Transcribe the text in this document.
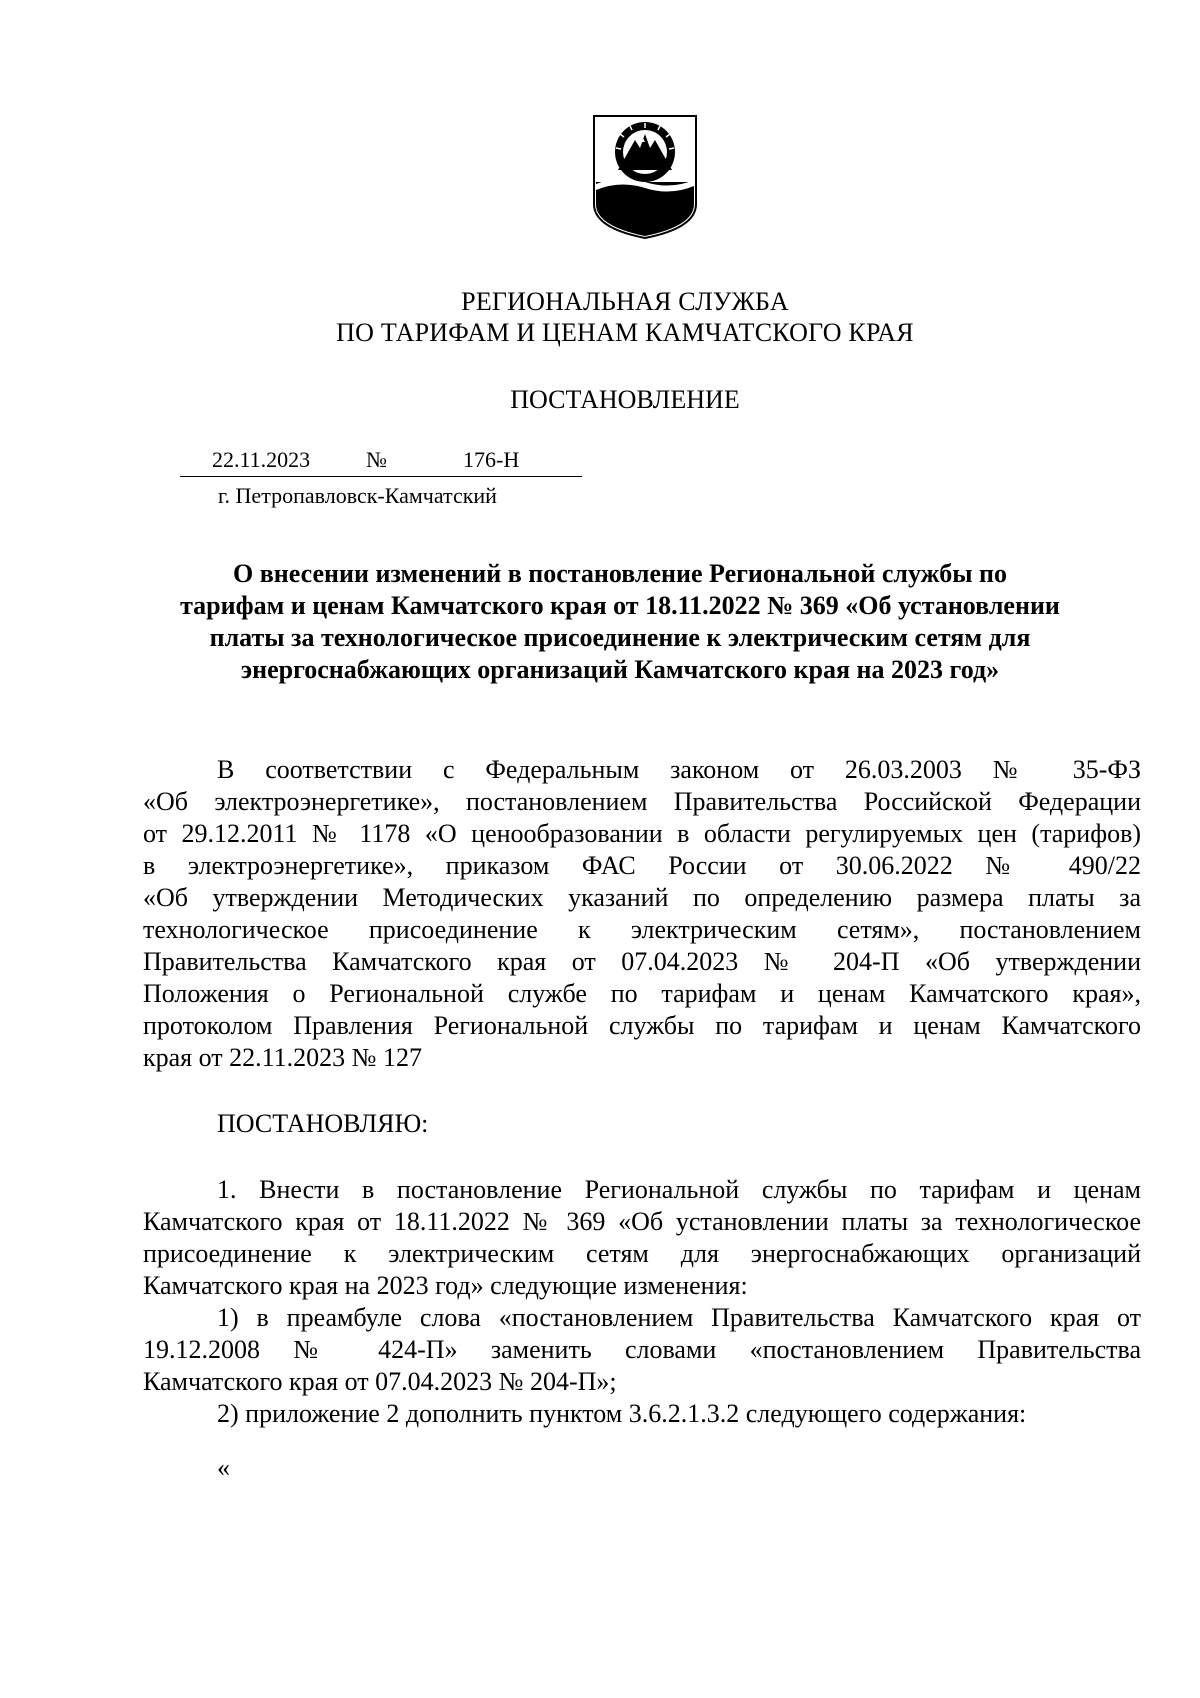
РЕГИОНАЛЬНАЯ СЛУЖБА
ПО ТАРИФАМ И ЦЕНАМ КАМЧАТСКОГО КРАЯ
ПОСТАНОВЛЕНИЕ
22.11.2023	№	176-Н
г. Петропавловск-Камчатский
О внесении изменений в постановление Региональной службы по
тарифам и ценам Камчатского края от 18.11.2022 № 369 «Об установлении
платы за технологическое присоединение к электрическим сетям для
энергоснабжающих организаций Камчатского края на 2023 год»
В соответствии с Федеральным законом от 26.03.2003 № 35-ФЗ
«Об электроэнергетике», постановлением Правительства Российской Федерации
от 29.12.2011 № 1178 «О ценообразовании в области регулируемых цен (тарифов)
в электроэнергетике», приказом ФАС России от 30.06.2022 № 490/22
«Об утверждении Методических указаний по определению размера платы за
технологическое присоединение к электрическим сетям», постановлением
Правительства Камчатского края от 07.04.2023 № 204-П «Об утверждении
Положения о Региональной службе по тарифам и ценам Камчатского края»,
протоколом Правления Региональной службы по тарифам и ценам Камчатского
края от 22.11.2023 № 127
ПОСТАНОВЛЯЮ:
1. Внести в постановление Региональной службы по тарифам и ценам
Камчатского края от 18.11.2022 № 369 «Об установлении платы за технологическое
присоединение к электрическим сетям для энергоснабжающих организаций
Камчатского края на 2023 год» следующие изменения:
1) в преамбуле слова «постановлением Правительства Камчатского края от
19.12.2008 № 424-П» заменить словами «постановлением Правительства
Камчатского края от 07.04.2023 № 204-П»;
2) приложение 2 дополнить пунктом 3.6.2.1.3.2 следующего содержания:
«
